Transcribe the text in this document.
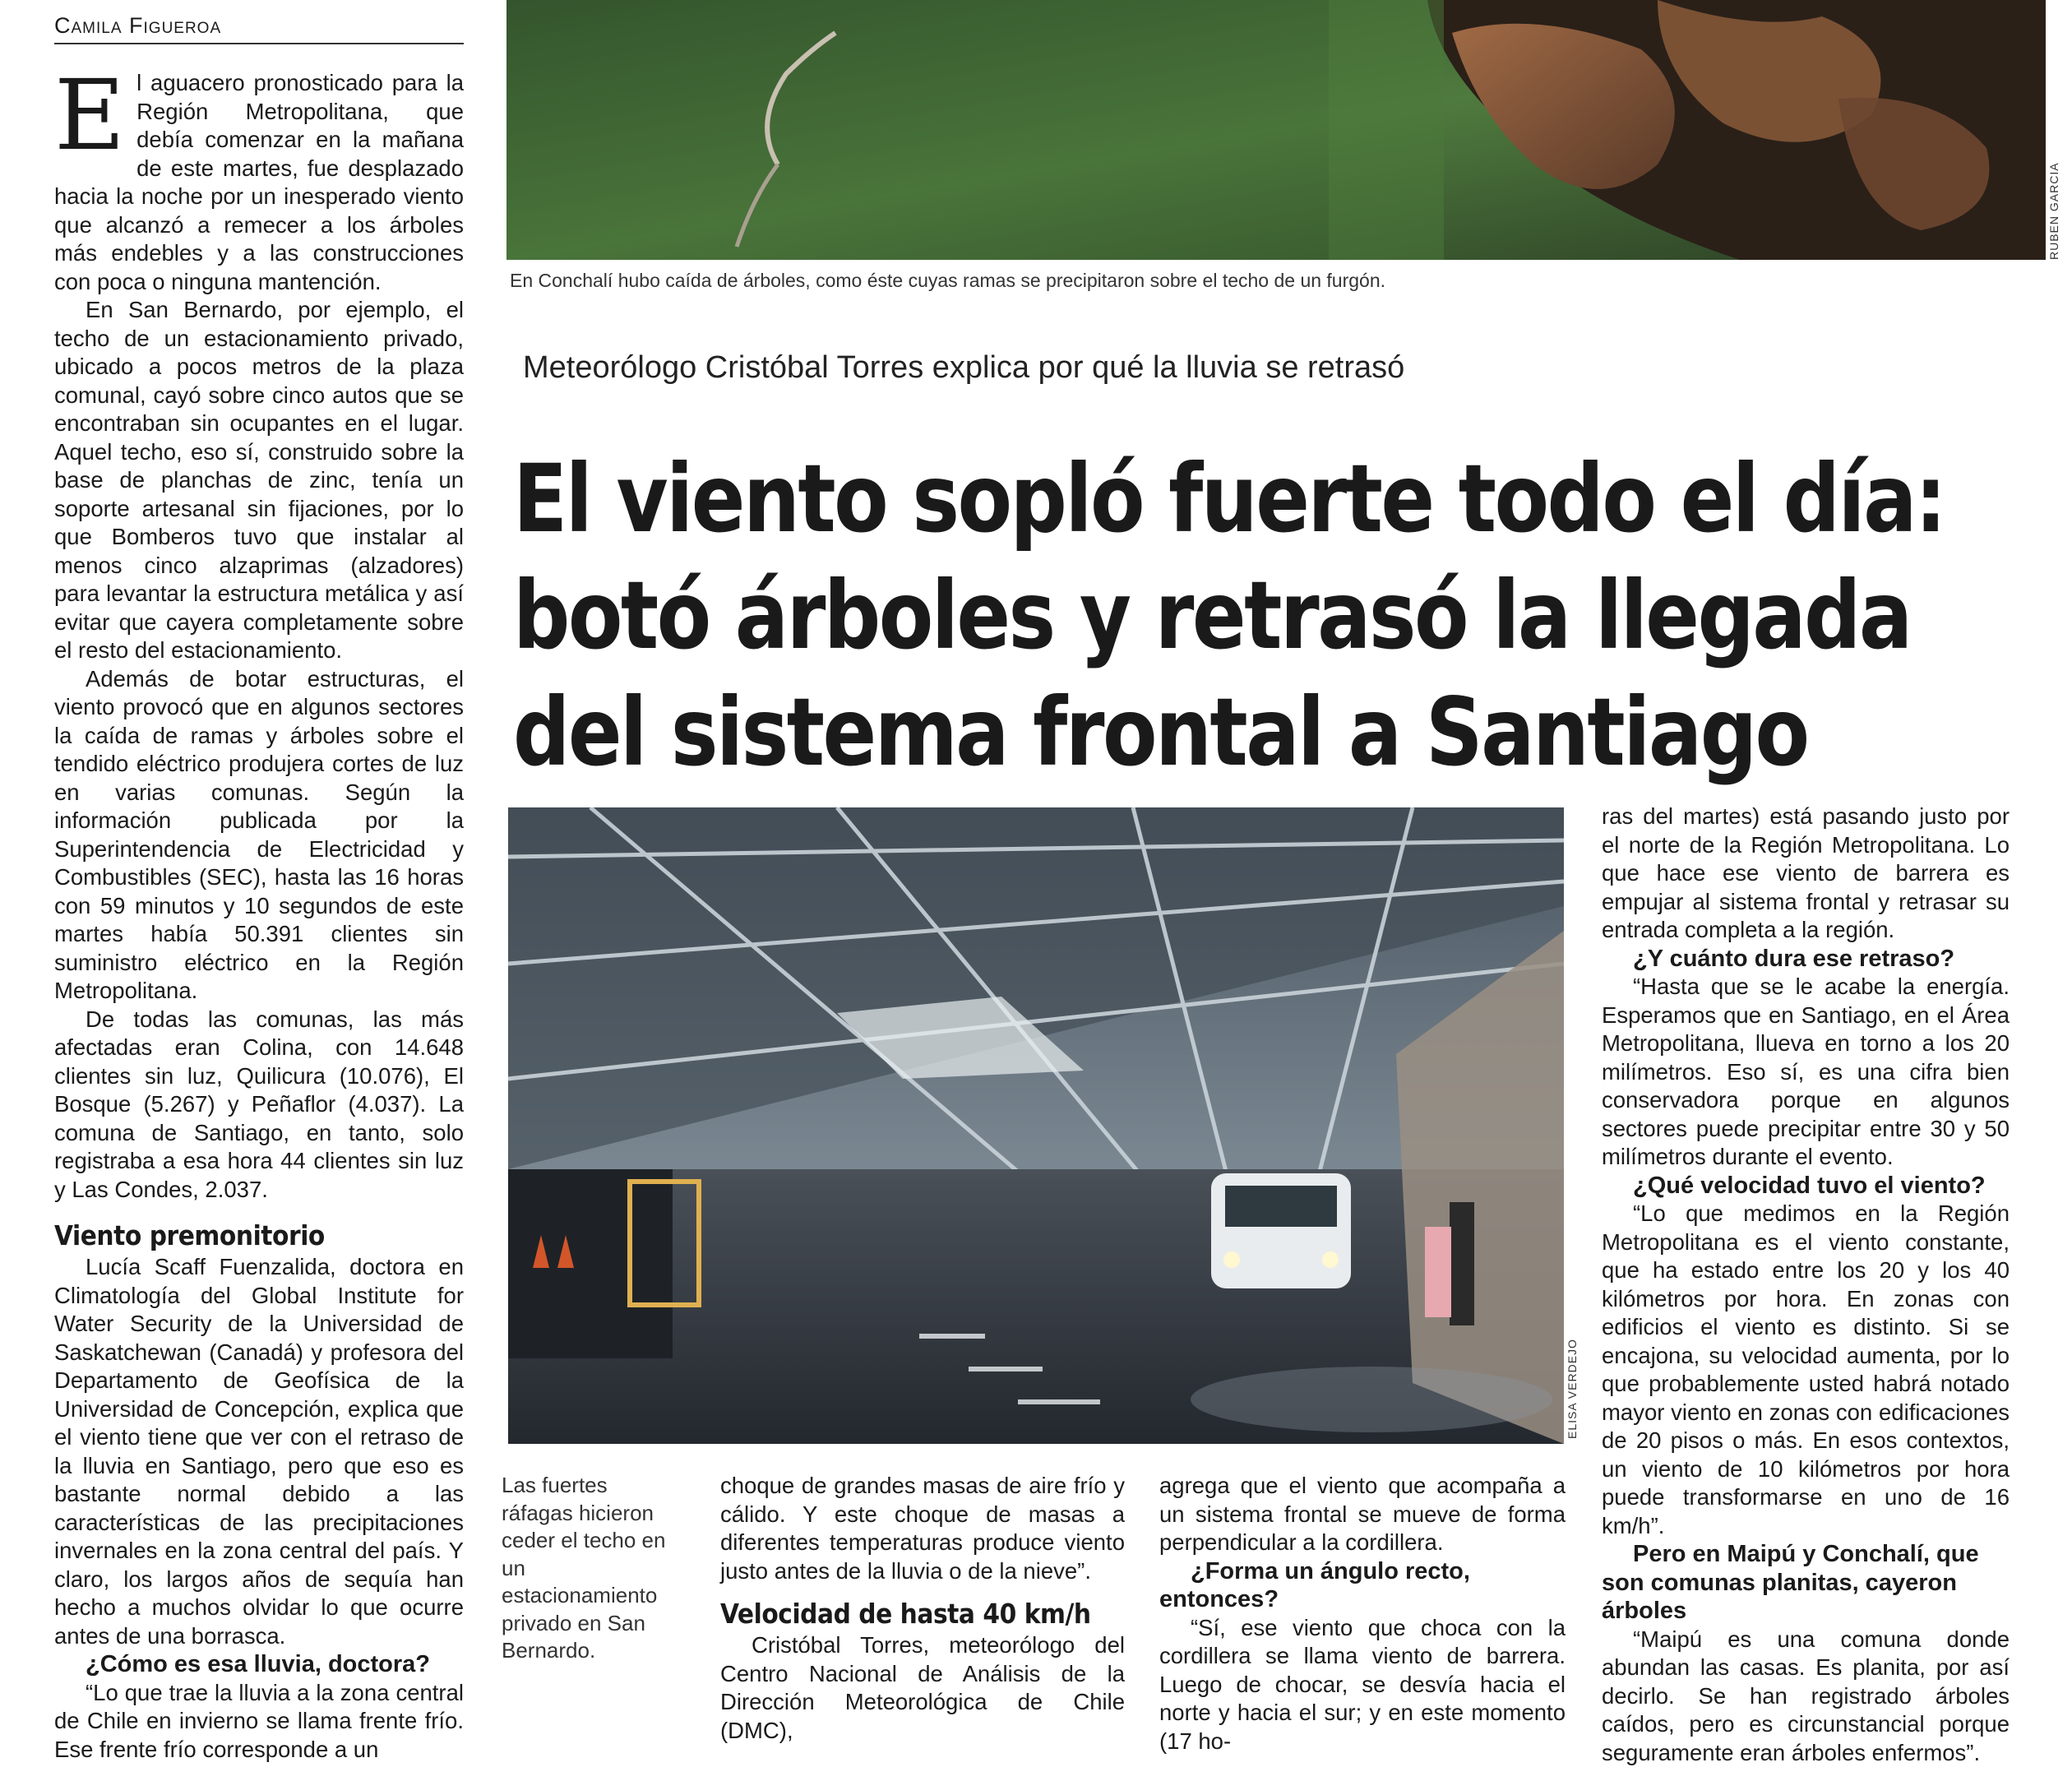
Camila Figueroa
RUBEN GARCIA
En Conchalí hubo caída de árboles, como éste cuyas ramas se precipitaron sobre el techo de un furgón.
Meteorólogo Cristóbal Torres explica por qué la lluvia se retrasó
El viento sopló fuerte todo el día:
botó árboles y retrasó la llegada
del sistema frontal a Santiago
ELISA VERDEJO
Las fuertes ráfagas hicieron ceder el techo en un estacionamiento privado en San Bernardo.

El aguacero pronosticado para la Región Metropolitana, que debía comenzar en la mañana de este martes, fue desplazado hacia la noche por un inesperado viento que alcanzó a remecer a los árboles más endebles y a las construcciones con poca o ninguna mantención.

En San Bernardo, por ejemplo, el techo de un estacionamiento privado, ubicado a pocos metros de la plaza comunal, cayó sobre cinco autos que se encontraban sin ocupantes en el lugar. Aquel techo, eso sí, construido sobre la base de planchas de zinc, tenía un soporte artesanal sin fijaciones, por lo que Bomberos tuvo que instalar al menos cinco alzaprimas (alzadores) para levantar la estructura metálica y así evitar que cayera completamente sobre el resto del estacionamiento.

Además de botar estructuras, el viento provocó que en algunos sectores la caída de ramas y árboles sobre el tendido eléctrico produjera cortes de luz en varias comunas. Según la información publicada por la Superintendencia de Electricidad y Combustibles (SEC), hasta las 16 horas con 59 minutos y 10 segundos de este martes había 50.391 clientes sin suministro eléctrico en la Región Metropolitana.

De todas las comunas, las más afectadas eran Colina, con 14.648 clientes sin luz, Quilicura (10.076), El Bosque (5.267) y Peñaflor (4.037). La comuna de Santiago, en tanto, solo registraba a esa hora 44 clientes sin luz y Las Condes, 2.037.

Viento premonitorio

Lucía Scaff Fuenzalida, doctora en Climatología del Global Institute for Water Security de la Universidad de Saskatchewan (Canadá) y profesora del Departamento de Geofísica de la Universidad de Concepción, explica que el viento tiene que ver con el retraso de la lluvia en Santiago, pero que eso es bastante normal debido a las características de las precipitaciones invernales en la zona central del país. Y claro, los largos años de sequía han hecho a muchos olvidar lo que ocurre antes de una borrasca.

¿Cómo es esa lluvia, doctora?

“Lo que trae la lluvia a la zona central de Chile en invierno se llama frente frío. Ese frente frío corresponde a un

choque de grandes masas de aire frío y cálido. Y este choque de masas a diferentes temperaturas produce viento justo antes de la lluvia o de la nieve”.

Velocidad de hasta 40 km/h

Cristóbal Torres, meteorólogo del Centro Nacional de Análisis de la Dirección Meteorológica de Chile (DMC),

agrega que el viento que acompaña a un sistema frontal se mueve de forma perpendicular a la cordillera.

¿Forma un ángulo recto, entonces?

“Sí, ese viento que choca con la cordillera se llama viento de barrera. Luego de chocar, se desvía hacia el norte y hacia el sur; y en este momento (17 ho-

ras del martes) está pasando justo por el norte de la Región Metropolitana. Lo que hace ese viento de barrera es empujar al sistema frontal y retrasar su entrada completa a la región.

¿Y cuánto dura ese retraso?

“Hasta que se le acabe la energía. Esperamos que en Santiago, en el Área Metropolitana, llueva en torno a los 20 milímetros. Eso sí, es una cifra bien conservadora porque en algunos sectores puede precipitar entre 30 y 50 milímetros durante el evento.

¿Qué velocidad tuvo el viento?

“Lo que medimos en la Región Metropolitana es el viento constante, que ha estado entre los 20 y los 40 kilómetros por hora. En zonas con edificios el viento es distinto. Si se encajona, su velocidad aumenta, por lo que probablemente usted habrá notado mayor viento en zonas con edificaciones de 20 pisos o más. En esos contextos, un viento de 10 kilómetros por hora puede transformarse en uno de 16 km/h”.

Pero en Maipú y Conchalí, que son comunas planitas, cayeron árboles

“Maipú es una comuna donde abundan las casas. Es planita, por así decirlo. Se han registrado árboles caídos, pero es circunstancial porque seguramente eran árboles enfermos”.
